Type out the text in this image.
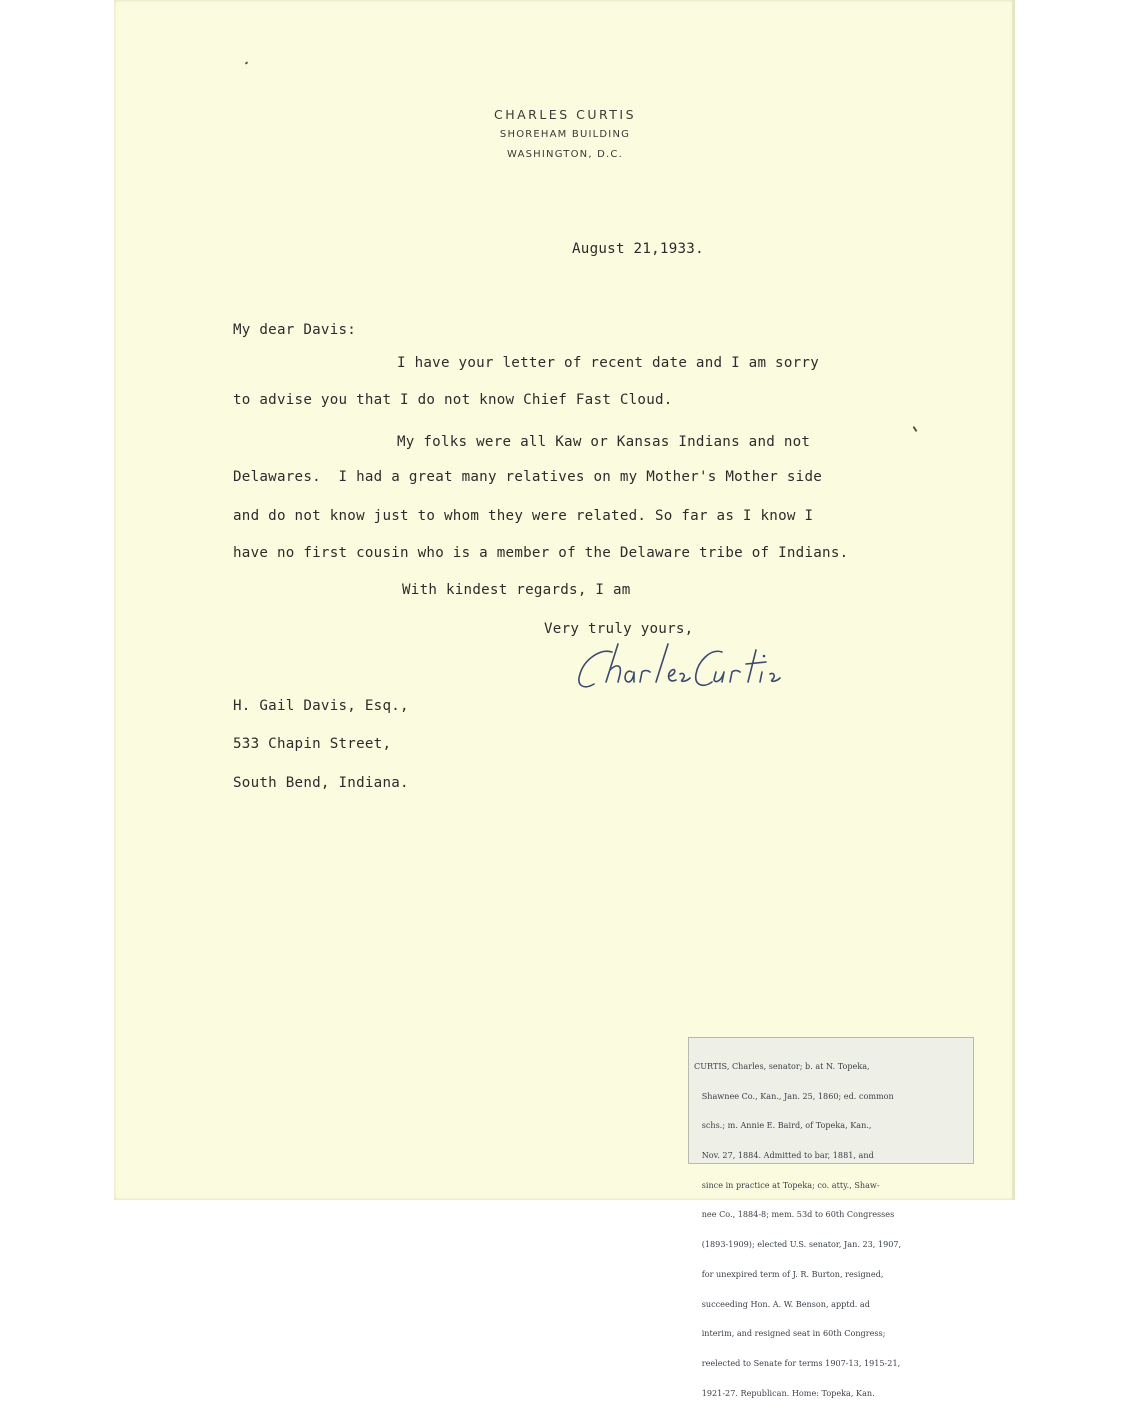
CHARLES CURTIS
SHOREHAM BUILDING
WASHINGTON, D.C.
August 21,1933.
My dear Davis:
I have your letter of recent date and I am sorry
to advise you that I do not know Chief Fast Cloud.
My folks were all Kaw or Kansas Indians and not
Delawares.  I had a great many relatives on my Mother's Mother side
and do not know just to whom they were related. So far as I know I
have no first cousin who is a member of the Delaware tribe of Indians.
With kindest regards, I am
Very truly yours,
H. Gail Davis, Esq.,
533 Chapin Street,
South Bend, Indiana.

CURTIS, Charles, senator; b. at N. Topeka,

Shawnee Co., Kan., Jan. 25, 1860; ed. common

schs.; m. Annie E. Baird, of Topeka, Kan.,

Nov. 27, 1884. Admitted to bar, 1881, and

since in practice at Topeka; co. atty., Shaw-

nee Co., 1884-8; mem. 53d to 60th Congresses

(1893-1909); elected U.S. senator, Jan. 23, 1907,

for unexpired term of J. R. Burton, resigned,

succeeding Hon. A. W. Benson, apptd. ad

interim, and resigned seat in 60th Congress;

reelected to Senate for terms 1907-13, 1915-21,

1921-27. Republican. Home: Topeka, Kan.
